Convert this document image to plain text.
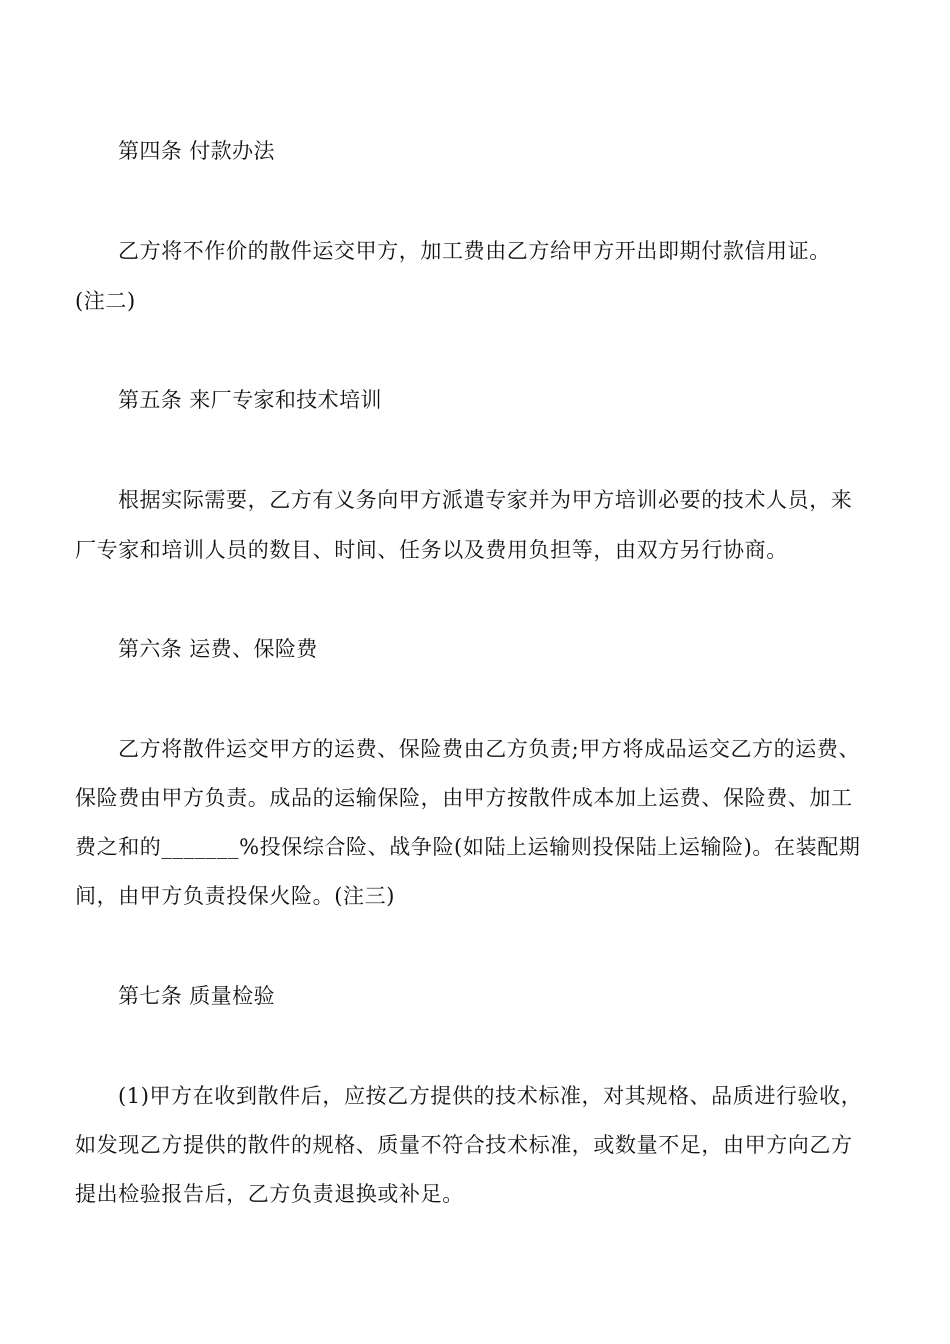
第四条 付款办法
乙方将不作价的散件运交甲方，加工费由乙方给甲方开出即期付款信用证。
(注二)
第五条 来厂专家和技术培训
根据实际需要，乙方有义务向甲方派遣专家并为甲方培训必要的技术人员，来
厂专家和培训人员的数目、时间、任务以及费用负担等，由双方另行协商。
第六条 运费、保险费
乙方将散件运交甲方的运费、保险费由乙方负责;甲方将成品运交乙方的运费、
保险费由甲方负责。成品的运输保险，由甲方按散件成本加上运费、保险费、加工
费之和的_______%投保综合险、战争险(如陆上运输则投保陆上运输险)。在装配期
间，由甲方负责投保火险。(注三)
第七条 质量检验
(1)甲方在收到散件后，应按乙方提供的技术标准，对其规格、品质进行验收，
如发现乙方提供的散件的规格、质量不符合技术标准，或数量不足，由甲方向乙方
提出检验报告后，乙方负责退换或补足。
